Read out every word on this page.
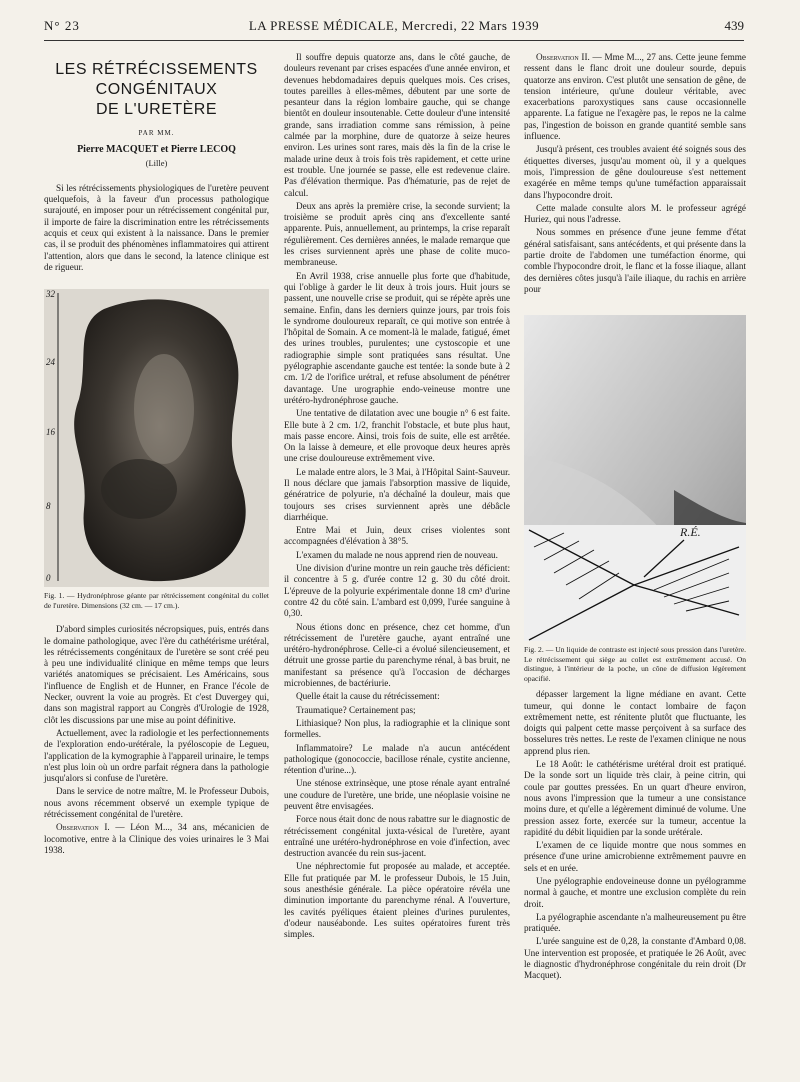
N° 23	LA PRESSE MÉDICALE, Mercredi, 22 Mars 1939	439
LES RÉTRÉCISSEMENTS
CONGÉNITAUX
DE L'URETÈRE
PAR MM.
Pierre MACQUET et Pierre LECOQ
(Lille)

Si les rétrécissements physiologiques de l'uretère peuvent quelquefois, à la faveur d'un processus pathologique surajouté, en imposer pour un rétrécissement congénital pur, il importe de faire la discrimination entre les rétrécissements acquis et ceux qui existent à la naissance. Dans le premier cas, il se produit des phénomènes inflammatoires qui attirent l'attention, alors que dans le second, la latence clinique est de rigueur.

32
24
16
8
0

Fig. 1. — Hydronéphrose géante par rétrécissement congénital du collet de l'uretère. Dimensions (32 cm. — 17 cm.).

D'abord simples curiosités nécropsiques, puis, entrés dans le domaine pathologique, avec l'ère du cathétérisme urétéral, les rétrécissements congénitaux de l'uretère se sont créé peu à peu une individualité clinique en même temps que leurs variétés anatomiques se précisaient. Les Américains, sous l'influence de English et de Hunner, en France l'école de Necker, ouvrent la voie au progrès. Et c'est Duvergey qui, dans son magistral rapport au Congrès d'Urologie de 1928, clôt les discussions par une mise au point définitive.

Actuellement, avec la radiologie et les perfectionnements de l'exploration endo-urétérale, la pyéloscopie de Legueu, l'application de la kymographie à l'appareil urinaire, le temps n'est plus loin où un ordre parfait régnera dans la pathologie jusqu'alors si confuse de l'uretère.

Dans le service de notre maître, M. le Professeur Dubois, nous avons récemment observé un exemple typique de rétrécissement congénital de l'uretère.

Observation I. — Léon M..., 34 ans, mécanicien de locomotive, entre à la Clinique des voies urinaires le 3 Mai 1938.

Il souffre depuis quatorze ans, dans le côté gauche, de douleurs revenant par crises espacées d'une année environ, et devenues hebdomadaires depuis quelques mois. Ces crises, toutes pareilles à elles-mêmes, débutent par une sorte de pesanteur dans la région lombaire gauche, qui se change bientôt en douleur insoutenable. Cette douleur d'une intensité grande, sans irradiation comme sans rémission, à peine calmée par la morphine, dure de quatorze à seize heures environ. Les urines sont rares, mais dès la fin de la crise le malade urine deux à trois fois très rapidement, et cette urine est trouble. Une journée se passe, elle est redevenue claire. Pas d'élévation thermique. Pas d'hématurie, pas de rejet de calcul.

Deux ans après la première crise, la seconde survient; la troisième se produit après cinq ans d'excellente santé apparente. Puis, annuellement, au printemps, la crise reparaît régulièrement. Ces dernières années, le malade remarque que les crises surviennent après une phase de colite muco-membraneuse.

En Avril 1938, crise annuelle plus forte que d'habitude, qui l'oblige à garder le lit deux à trois jours. Huit jours se passent, une nouvelle crise se produit, qui se répète après une semaine. Enfin, dans les derniers quinze jours, par trois fois le syndrome douloureux reparaît, ce qui motive son entrée à l'hôpital de Somain. A ce moment-là le malade, fatigué, émet des urines troubles, purulentes; une cystoscopie et une radiographie simple sont pratiquées sans résultat. Une pyélographie ascendante gauche est tentée: la sonde bute à 2 cm. 1/2 de l'orifice urétral, et refuse absolument de pénétrer davantage. Une urographie endo-veineuse montre une urétéro-hydronéphrose gauche.

Une tentative de dilatation avec une bougie n° 6 est faite. Elle bute à 2 cm. 1/2, franchit l'obstacle, et bute plus haut, mais passe encore. Ainsi, trois fois de suite, elle est arrêtée. On la laisse à demeure, et elle provoque deux heures après une crise douloureuse extrêmement vive.

Le malade entre alors, le 3 Mai, à l'Hôpital Saint-Sauveur. Il nous déclare que jamais l'absorption massive de liquide, génératrice de polyurie, n'a déchaîné la douleur, mais que toujours ses crises surviennent après une débâcle diarrhéique.

Entre Mai et Juin, deux crises violentes sont accompagnées d'élévation à 38°5.

L'examen du malade ne nous apprend rien de nouveau.

Une division d'urine montre un rein gauche très déficient: il concentre à 5 g. d'urée contre 12 g. 30 du côté droit. L'épreuve de la polyurie expérimentale donne 18 cm³ d'urine contre 42 du côté sain. L'ambard est 0,099, l'urée sanguine à 0,30.

Nous étions donc en présence, chez cet homme, d'un rétrécissement de l'uretère gauche, ayant entraîné une urétéro-hydronéphrose. Celle-ci a évolué silencieusement, et détruit une grosse partie du parenchyme rénal, à bas bruit, ne manifestant sa présence qu'à l'occasion de décharges microbiennes, de bactériurie.

Quelle était la cause du rétrécissement:

Traumatique? Certainement pas;

Lithiasique? Non plus, la radiographie et la clinique sont formelles.

Inflammatoire? Le malade n'a aucun antécédent pathologique (gonococcie, bacillose rénale, cystite ancienne, rétention d'urine...).

Une sténose extrinsèque, une ptose rénale ayant entraîné une coudure de l'uretère, une bride, une néoplasie voisine ne peuvent être envisagées.

Force nous était donc de nous rabattre sur le diagnostic de rétrécissement congénital juxta-vésical de l'uretère, ayant entraîné une urétéro-hydronéphrose en voie d'infection, avec destruction avancée du rein sus-jacent.

Une néphrectomie fut proposée au malade, et acceptée. Elle fut pratiquée par M. le professeur Dubois, le 15 Juin, sous anesthésie générale. La pièce opératoire révéla une diminution importante du parenchyme rénal. A l'ouverture, les cavités pyéliques étaient pleines d'urines purulentes, d'odeur nauséabonde. Les suites opératoires furent très simples.

Observation II. — Mme M..., 27 ans. Cette jeune femme ressent dans le flanc droit une douleur sourde, depuis quatorze ans environ. C'est plutôt une sensation de gêne, de tension intérieure, qu'une douleur véritable, avec exacerbations paroxystiques sans cause occasionnelle apparente. La fatigue ne l'exagère pas, le repos ne la calme pas, l'ingestion de boisson en grande quantité semble sans influence.

Jusqu'à présent, ces troubles avaient été soignés sous des étiquettes diverses, jusqu'au moment où, il y a quelques mois, l'impression de gêne douloureuse s'est nettement exagérée en même temps qu'une tuméfaction apparaissait dans l'hypocondre droit.

Cette malade consulte alors M. le professeur agrégé Huriez, qui nous l'adresse.

Nous sommes en présence d'une jeune femme d'état général satisfaisant, sans antécédents, et qui présente dans la partie droite de l'abdomen une tuméfaction énorme, qui comble l'hypocondre droit, le flanc et la fosse iliaque, allant des dernières côtes jusqu'à l'aile iliaque, du rachis en arrière pour

R.É.

Fig. 2. — Un liquide de contraste est injecté sous pression dans l'uretère. Le rétrécissement qui siège au collet est extrêmement accusé. On distingue, à l'intérieur de la poche, un cône de diffusion légèrement opacifié.

dépasser largement la ligne médiane en avant. Cette tumeur, qui donne le contact lombaire de façon extrêmement nette, est rénitente plutôt que fluctuante, les doigts qui palpent cette masse perçoivent à sa surface des bosselures très nettes. Le reste de l'examen clinique ne nous apprend plus rien.

Le 18 Août: le cathétérisme urétéral droit est pratiqué. De la sonde sort un liquide très clair, à peine citrin, qui coule par gouttes pressées. En un quart d'heure environ, nous avons l'impression que la tumeur a une consistance moins dure, et qu'elle a légèrement diminué de volume. Une pression assez forte, exercée sur la tumeur, accentue la rapidité du débit liquidien par la sonde urétérale.

L'examen de ce liquide montre que nous sommes en présence d'une urine amicrobienne extrêmement pauvre en sels et en urée.

Une pyélographie endoveineuse donne un pyélogramme normal à gauche, et montre une exclusion complète du rein droit.

La pyélographie ascendante n'a malheureusement pu être pratiquée.

L'urée sanguine est de 0,28, la constante d'Ambard 0,08. Une intervention est proposée, et pratiquée le 26 Août, avec le diagnostic d'hydronéphrose congénitale du rein droit (Dr Macquet).
